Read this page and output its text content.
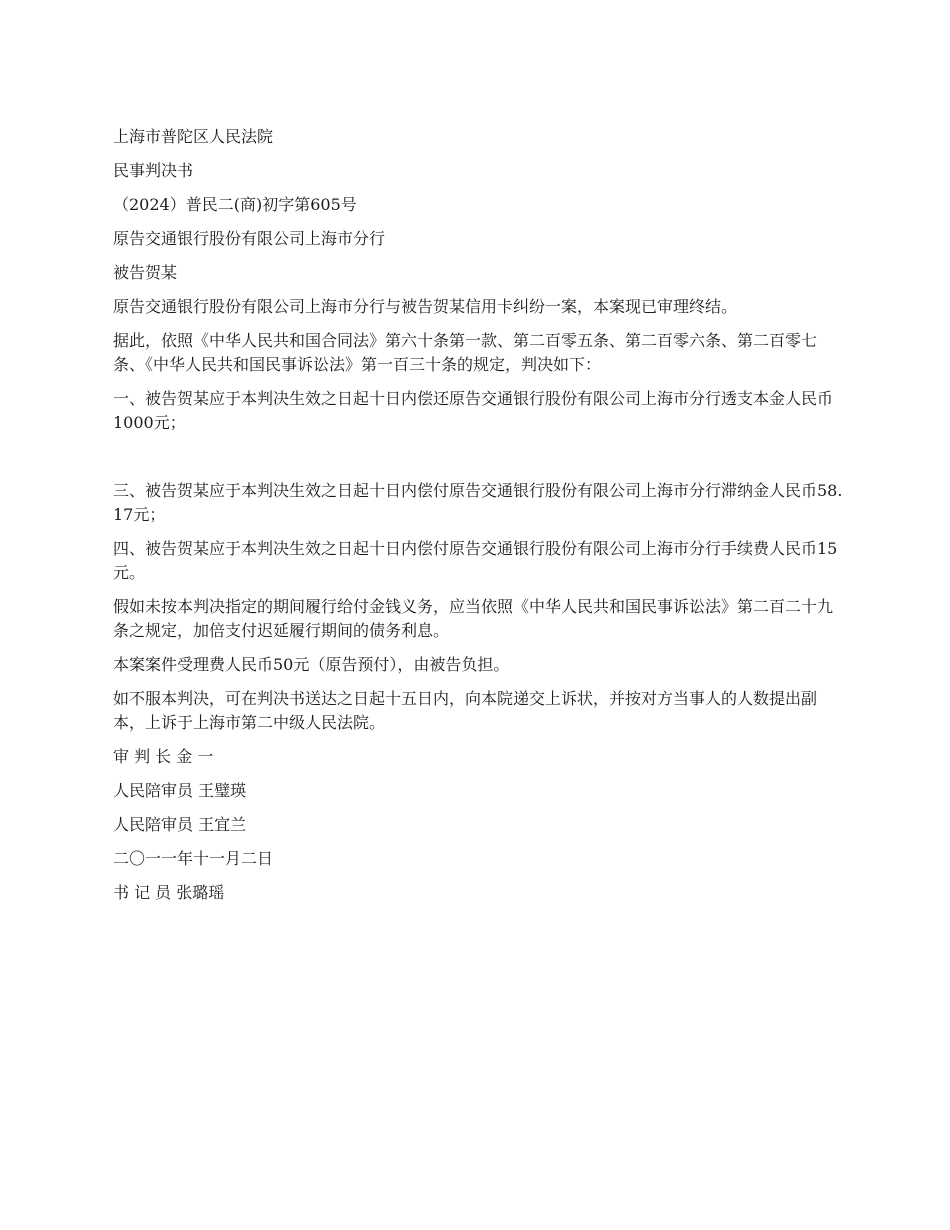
上海市普陀区人民法院

民事判决书

（2024）普民二(商)初字第605号

原告交通银行股份有限公司上海市分行

被告贺某

原告交通银行股份有限公司上海市分行与被告贺某信用卡纠纷一案，本案现已审理终结。

据此，依照《中华人民共和国合同法》第六十条第一款、第二百零五条、第二百零六条、第二百零七条、《中华人民共和国民事诉讼法》第一百三十条的规定，判决如下：

一、被告贺某应于本判决生效之日起十日内偿还原告交通银行股份有限公司上海市分行透支本金人民币1000元；

三、被告贺某应于本判决生效之日起十日内偿付原告交通银行股份有限公司上海市分行滞纳金人民币58.17元；

四、被告贺某应于本判决生效之日起十日内偿付原告交通银行股份有限公司上海市分行手续费人民币15元。

假如未按本判决指定的期间履行给付金钱义务，应当依照《中华人民共和国民事诉讼法》第二百二十九条之规定，加倍支付迟延履行期间的债务利息。

本案案件受理费人民币50元（原告预付），由被告负担。

如不服本判决，可在判决书送达之日起十五日内，向本院递交上诉状，并按对方当事人的人数提出副本，上诉于上海市第二中级人民法院。

审 判 长 金 一

人民陪审员 王璧瑛

人民陪审员 王宜兰

二〇一一年十一月二日

书 记 员 张璐瑶
